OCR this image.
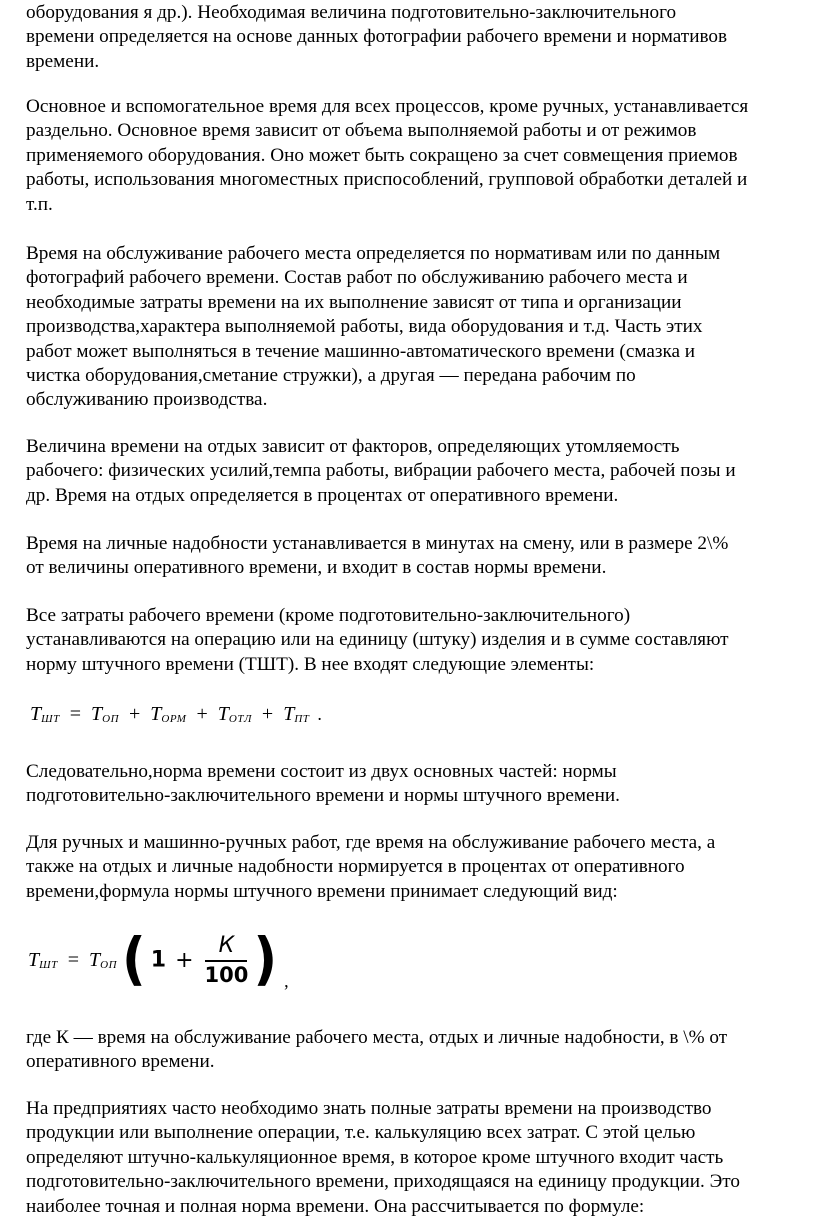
оборудования я др.). Необходимая величина подготовительно-заключительного
времени определяется на основе данных фотографии рабочего времени и нормативов
времени.
Основное и вспомогательное время для всех процессов, кроме ручных, устанавливается
раздельно. Основное время зависит от объема выполняемой работы и от режимов
применяемого оборудования. Оно может быть сокращено за счет совмещения приемов
работы, использования многоместных приспособлений, групповой обработки деталей и
т.п.
Время на обслуживание рабочего места определяется по нормативам или по данным
фотографий рабочего времени. Состав работ по обслуживанию рабочего места и
необходимые затраты времени на их выполнение зависят от типа и организации
производства,характера выполняемой работы, вида оборудования и т.д. Часть этих
работ может выполняться в течение машинно-автоматического времени (смазка и
чистка оборудования,сметание стружки), а другая — передана рабочим по
обслуживанию производства.
Величина времени на отдых зависит от факторов, определяющих утомляемость
рабочего: физических усилий,темпа работы, вибрации рабочего места, рабочей позы и
др. Время на отдых определяется в процентах от оперативного времени.
Время на личные надобности устанавливается в минутах на смену, или в размере 2\%
от величины оперативного времени, и входит в состав нормы времени.
Все затраты рабочего времени (кроме подготовительно-заключительного)
устанавливаются на операцию или на единицу (штуку) изделия и в сумме составляют
норму штучного времени (ТШТ). В нее входят следующие элементы:
$Т_{ШТ} = Т_{ОП} + Т_{ОРМ} + Т_{ОТЛ} + Т_{ПТ}$ .
Следовательно,норма времени состоит из двух основных частей: нормы
подготовительно-заключительного времени и нормы штучного времени.
Для ручных и машинно-ручных работ, где время на обслуживание рабочего места, а
также на отдых и личные надобности нормируется в процентах от оперативного
времени,формула нормы штучного времени принимает следующий вид:
$Т_{ШТ} = Т_{ОП}$ ( $1 + \frac{К}{100}$ ) ,
где К — время на обслуживание рабочего места, отдых и личные надобности, в \% от
оперативного времени.
На предприятиях часто необходимо знать полные затраты времени на производство
продукции или выполнение операции, т.е. калькуляцию всех затрат. С этой целью
определяют штучно-калькуляционное время, в которое кроме штучного входит часть
подготовительно-заключительного времени, приходящаяся на единицу продукции. Это
наиболее точная и полная норма времени. Она рассчитывается по формуле:
